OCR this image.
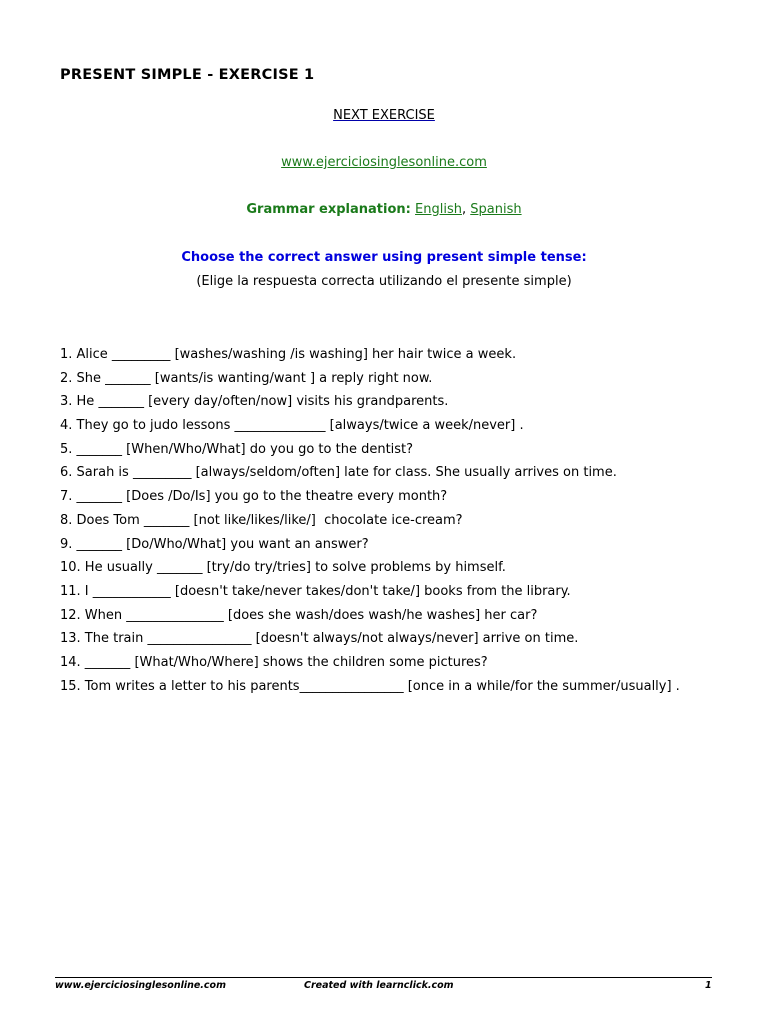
PRESENT SIMPLE - EXERCISE 1
NEXT EXERCISE
www.ejerciciosinglesonline.com
Grammar explanation: English, Spanish
Choose the correct answer using present simple tense:
(Elige la respuesta correcta utilizando el presente simple)
1. Alice _________ [washes/washing /is washing] her hair twice a week.
2. She _______ [wants/is wanting/want ] a reply right now.
3. He _______ [every day/often/now] visits his grandparents.
4. They go to judo lessons ______________ [always/twice a week/never] .
5. _______ [When/Who/What] do you go to the dentist?
6. Sarah is _________ [always/seldom/often] late for class. She usually arrives on time.
7. _______ [Does /Do/Is] you go to the theatre every month?
8. Does Tom _______ [not like/likes/like/]  chocolate ice-cream?
9. _______ [Do/Who/What] you want an answer?
10. He usually _______ [try/do try/tries] to solve problems by himself.
11. I ____________ [doesn't take/never takes/don't take/] books from the library.
12. When _______________ [does she wash/does wash/he washes] her car?
13. The train ________________ [doesn't always/not always/never] arrive on time.
14. _______ [What/Who/Where] shows the children some pictures?
15. Tom writes a letter to his parents________________ [once in a while/for the summer/usually] .
www.ejerciciosinglesonline.com	Created with learnclick.com	1
